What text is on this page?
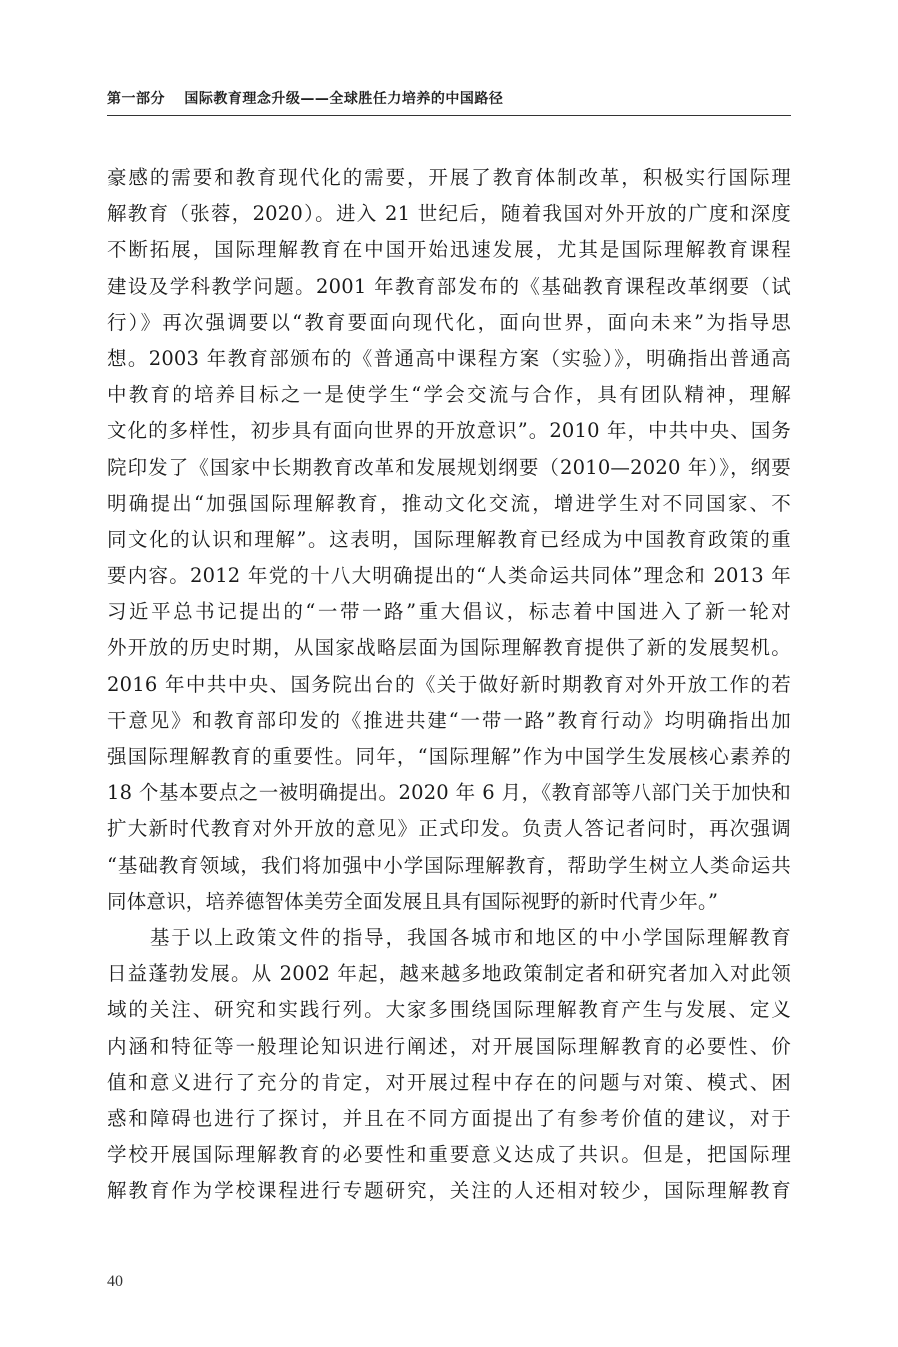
第一部分 国际教育理念升级——全球胜任力培养的中国路径
豪感的需要和教育现代化的需要，开展了教育体制改革，积极实行国际理
解教育（张蓉，2020）。进入 21 世纪后，随着我国对外开放的广度和深度
不断拓展，国际理解教育在中国开始迅速发展，尤其是国际理解教育课程
建设及学科教学问题。2001 年教育部发布的《基础教育课程改革纲要（试
行）》再次强调要以“教育要面向现代化，面向世界，面向未来”为指导思
想。2003 年教育部颁布的《普通高中课程方案（实验）》，明确指出普通高
中教育的培养目标之一是使学生“学会交流与合作，具有团队精神，理解
文化的多样性，初步具有面向世界的开放意识”。2010 年，中共中央、国务
院印发了《国家中长期教育改革和发展规划纲要（2010—2020 年）》，纲要
明确提出“加强国际理解教育，推动文化交流，增进学生对不同国家、不
同文化的认识和理解”。这表明，国际理解教育已经成为中国教育政策的重
要内容。2012 年党的十八大明确提出的“人类命运共同体”理念和 2013 年
习近平总书记提出的“一带一路”重大倡议，标志着中国进入了新一轮对
外开放的历史时期，从国家战略层面为国际理解教育提供了新的发展契机。
2016 年中共中央、国务院出台的《关于做好新时期教育对外开放工作的若
干意见》和教育部印发的《推进共建“一带一路”教育行动》均明确指出加
强国际理解教育的重要性。同年，“国际理解”作为中国学生发展核心素养的
18 个基本要点之一被明确提出。2020 年 6 月，《教育部等八部门关于加快和
扩大新时代教育对外开放的意见》正式印发。负责人答记者问时，再次强调
“基础教育领域，我们将加强中小学国际理解教育，帮助学生树立人类命运共
同体意识，培养德智体美劳全面发展且具有国际视野的新时代青少年。”
　　基于以上政策文件的指导，我国各城市和地区的中小学国际理解教育
日益蓬勃发展。从 2002 年起，越来越多地政策制定者和研究者加入对此领
域的关注、研究和实践行列。大家多围绕国际理解教育产生与发展、定义
内涵和特征等一般理论知识进行阐述，对开展国际理解教育的必要性、价
值和意义进行了充分的肯定，对开展过程中存在的问题与对策、模式、困
惑和障碍也进行了探讨，并且在不同方面提出了有参考价值的建议，对于
学校开展国际理解教育的必要性和重要意义达成了共识。但是，把国际理
解教育作为学校课程进行专题研究，关注的人还相对较少，国际理解教育
40
